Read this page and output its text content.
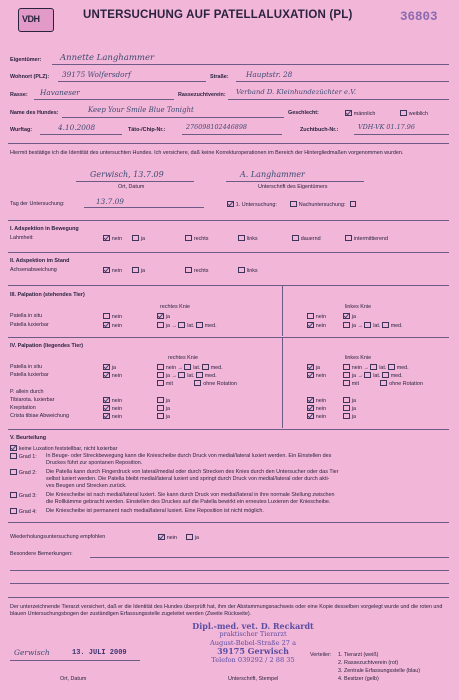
VDH	UNTERSUCHUNG AUF PATELLALUXATION (PL)	36803
Eigentümer: Annette Langhammer
Wohnort (PLZ): 39175 Wolfersdorf	Straße: Hauptstr. 28
Rasse: Havaneser	Rassezuchtverein: Verband D. Kleinhundezüchter e.V.
Name des Hundes:	Keep Your Smile Blue Tonight	Geschlecht:	männlich	weiblich
Wurftag:	4.10.2008	Täto-/Chip-Nr.:	276098102446898	Zuchtbuch-Nr.:	VDH-VK 01.17.96
Hiermit bestätige ich die Identität des untersuchten Hundes. Ich versichere, daß keine Korrekturoperationen im Bereich der Hintergliedmaßen vorgenommen wurden.
Gerwisch, 13.7.09
Ort, Datum
A. Langhammer
Unterschrift des Eigentümers
Tag der Untersuchung:	13.7.09	1. Untersuchung:	Nachuntersuchung:
I. Adspektion in Bewegung
Lahmheit:	nein	ja	rechts	links	dauernd	intermittierend
II. Adspektion im Stand
Achsenabweichung	nein	ja	rechts	links
III. Palpation (stehendes Tier)
rechtes Knie	linkes Knie
Patella in situ	nein	ja	nein	ja
Patella luxierbar	nein	ja → lat. med.	nein	ja → lat. med.
IV. Palpation (liegendes Tier)
rechtes Knie	linkes Knie
Patella in situ	ja	nein → lat. med.	ja	nein → lat. med.
Patella luxierbar	nein	ja → lat. med.	nein	ja → lat. med.
mit	ohne Rotation	mit	ohne Rotation
P. allein durch
Tibiarota. luxierbar	nein	ja	nein	ja
Krepitation	nein	ja	nein	ja
Crista tibiae Abweichung	nein	ja	nein	ja
V. Beurteilung
keine Luxation feststellbar, nicht luxierbar
Grad 1: In Beuge- oder Streckbewegung kann die Kniescheibe durch Druck von medial/lateral luxiert werden. Ein Einstellen des
Druckes führt zur spontanen Reposition.
Grad 2: Die Patella kann durch Fingerdruck von lateral/medial oder durch Strecken des Knies durch den Untersucher oder das Tier
selbst luxiert werden. Die Patella bleibt medial/lateral luxiert und springt durch Druck von medial/lateral oder durch akti-
ves Beugen und Strecken zurück.
Grad 3: Die Kniescheibe ist nach medial/lateral luxiert. Sie kann durch Druck von medial/lateral in ihre normale Stellung zwischen
die Rollkämme gebracht werden. Einstellen des Druckes auf die Patella bewirkt ein erneutes Luxieren der Kniescheibe.
Grad 4: Die Kniescheibe ist permanent nach medial/lateral luxiert. Eine Reposition ist nicht möglich.
Wiederholungsuntersuchung empfohlen	nein	ja
Besondere Bemerkungen:
Der unterzeichnende Tierarzt versichert, daß er die Identität des Hundes überprüft hat, ihm der Abstammungsnachweis oder eine Kopie desselben vorgelegt wurde und die roten und blauen Untersuchungsbogen der zuständigen Erfassungsstelle zugeleitet werden (Zweite Rückseite).
Gerwisch	13. JULI 2009
Ort, Datum
Dipl.-med. vet. D. Reckardt
praktischer Tierarzt
August-Bebel-Straße 27 a
39175 Gerwisch
Telefon 039292 / 2 88 35
Unterschrift, Stempel
Verteiler: 1. Tierarzt (weiß)
2. Rassezuchtverein (rot)
3. Zentrale Erfassungsstelle (blau)
4. Besitzer (gelb)
